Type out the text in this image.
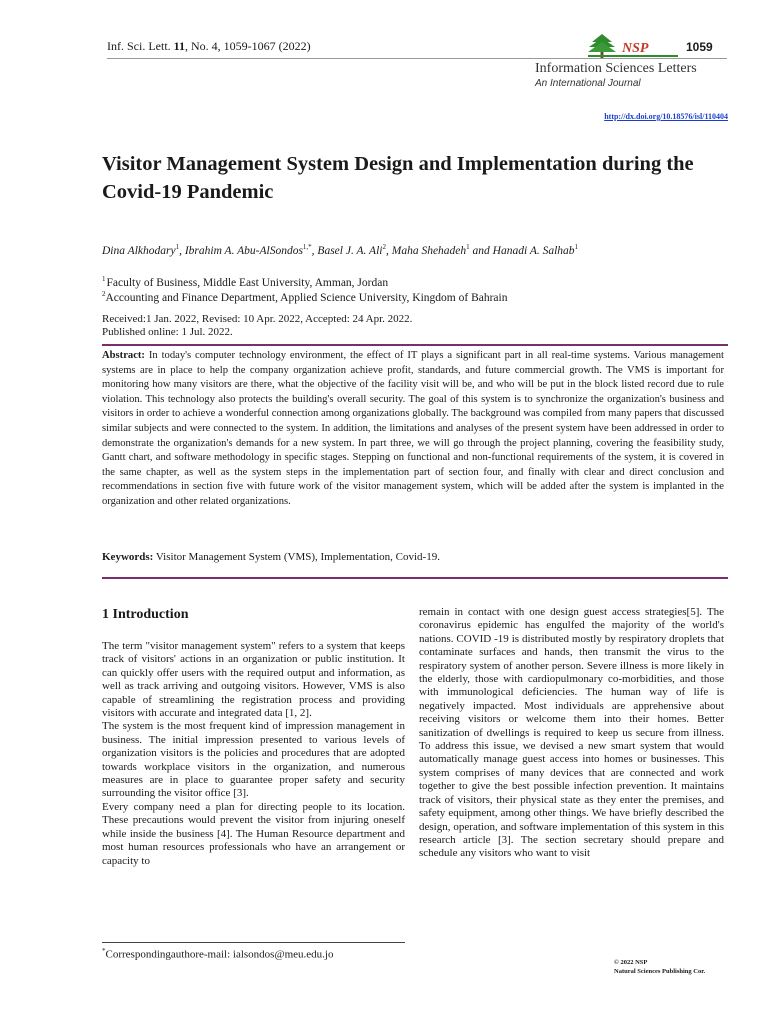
Inf. Sci. Lett. 11, No. 4, 1059-1067 (2022)	NSP	1059
Information Sciences Letters
An International Journal
http://dx.doi.org/10.18576/isl/110404
Visitor Management System Design and Implementation during the Covid-19 Pandemic
Dina Alkhodary$^1$, Ibrahim A. Abu-AlSondos$^{1,*}$, Basel J. A. Ali$^2$, Maha Shehadeh$^1$ and Hanadi A. Salhab$^1$
$^1$ Faculty of Business, Middle East University, Amman, Jordan
$^2$Accounting and Finance Department, Applied Science University, Kingdom of Bahrain
Received:1 Jan. 2022, Revised: 10 Apr. 2022, Accepted: 24 Apr. 2022.
Published online: 1 Jul. 2022.
Abstract: In today's computer technology environment, the effect of IT plays a significant part in all real-time systems. Various management systems are in place to help the company organization achieve profit, standards, and future commercial growth. The VMS is important for monitoring how many visitors are there, what the objective of the facility visit will be, and who will be put in the block listed record due to rule violation. This technology also protects the building's overall security. The goal of this system is to synchronize the organization's business and visitors in order to achieve a wonderful connection among organizations globally. The background was compiled from many papers that discussed similar subjects and were connected to the system. In addition, the limitations and analyses of the present system have been addressed in order to demonstrate the organization's demands for a new system. In part three, we will go through the project planning, covering the feasibility study, Gantt chart, and software methodology in specific stages. Stepping on functional and non-functional requirements of the system, it is covered in the same chapter, as well as the system steps in the implementation part of section four, and finally with clear and direct conclusion and recommendations in section five with future work of the visitor management system, which will be added after the system is implanted in the organization and other related organizations.
Keywords: Visitor Management System (VMS), Implementation, Covid-19.
1 Introduction

The term "visitor management system" refers to a system that keeps track of visitors' actions in an organization or public institution. It can quickly offer users with the required output and information, as well as track arriving and outgoing visitors. However, VMS is also capable of streamlining the registration process and providing visitors with accurate and integrated data [1, 2].

The system is the most frequent kind of impression management in business. The initial impression presented to various levels of organization visitors is the policies and procedures that are adopted towards workplace visitors in the organization, and numerous measures are in place to guarantee proper safety and security surrounding the visitor office [3].

Every company need a plan for directing people to its location. These precautions would prevent the visitor from injuring oneself while inside the business [4]. The Human Resource department and most human resources professionals who have an arrangement or capacity to

remain in contact with one design guest access strategies[5]. The coronavirus epidemic has engulfed the majority of the world's nations. COVID -19 is distributed mostly by respiratory droplets that contaminate surfaces and hands, then transmit the virus to the respiratory system of another person. Severe illness is more likely in the elderly, those with cardiopulmonary co-morbidities, and those with immunological deficiencies. The human way of life is negatively impacted. Most individuals are apprehensive about receiving visitors or welcome them into their homes. Better sanitization of dwellings is required to keep us secure from illness. To address this issue, we devised a new smart system that would automatically manage guest access into homes or businesses. This system comprises of many devices that are connected and work together to give the best possible infection prevention. It maintains track of visitors, their physical state as they enter the premises, and safety equipment, among other things. We have briefly described the design, operation, and software implementation of this system in this research article [3]. The section secretary should prepare and schedule any visitors who want to visit

*Correspondingauthore-mail: ialsondos@meu.edu.jo
© 2022 NSP
Natural Sciences Publishing Cor.
